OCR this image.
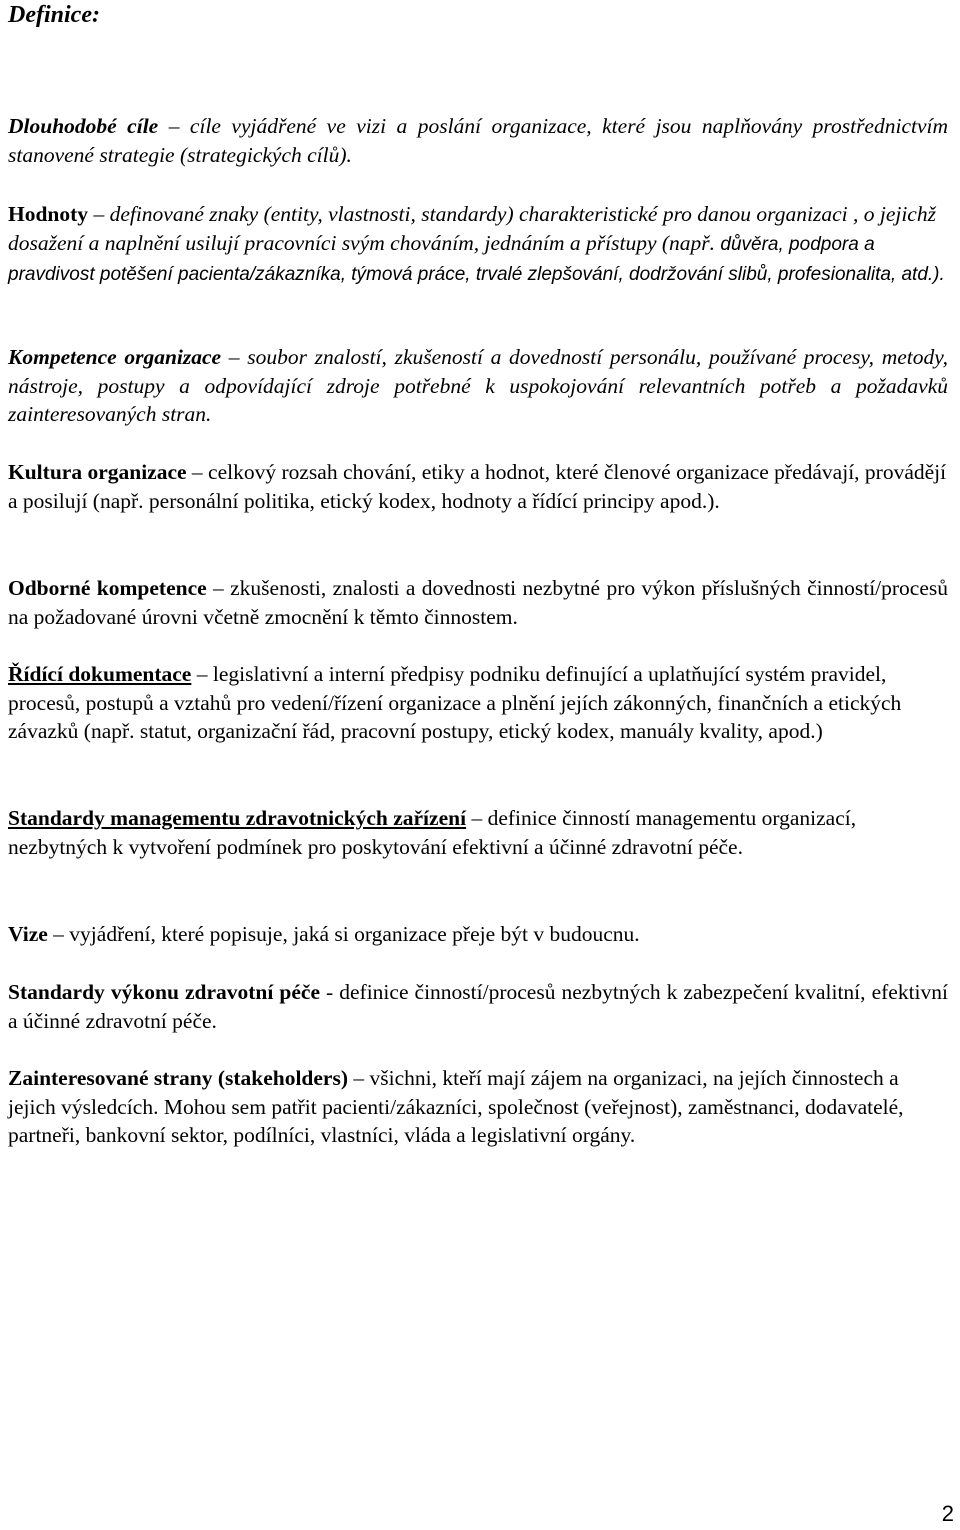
Definice:

Dlouhodobé cíle – cíle vyjádřené ve vizi a poslání organizace, které jsou naplňovány prostřednictvím stanovené strategie (strategických cílů).

Hodnoty – definované znaky (entity, vlastnosti, standardy) charakteristické pro danou organizaci , o jejichž dosažení a naplnění usilují pracovníci svým chováním, jednáním a přístupy (např. důvěra, podpora a pravdivost potěšení pacienta/zákazníka, týmová práce, trvalé zlepšování, dodržování slibů, profesionalita, atd.).

Kompetence organizace – soubor znalostí, zkušeností a dovedností personálu, používané procesy, metody, nástroje, postupy a odpovídající zdroje potřebné k uspokojování relevantních potřeb a požadavků zainteresovaných stran.

Kultura organizace – celkový rozsah chování, etiky a hodnot, které členové organizace předávají, provádějí a posilují (např. personální politika, etický kodex, hodnoty a řídící principy apod.).

Odborné kompetence – zkušenosti, znalosti a dovednosti nezbytné pro výkon příslušných činností/procesů na požadované úrovni včetně zmocnění k těmto činnostem.

Řídící dokumentace – legislativní a interní předpisy podniku definující a uplatňující systém pravidel, procesů, postupů a vztahů pro vedení/řízení organizace a plnění jejích zákonných, finančních a etických závazků (např. statut, organizační řád, pracovní postupy, etický kodex, manuály kvality, apod.)

Standardy managementu zdravotnických zařízení – definice činností managementu organizací, nezbytných k vytvoření podmínek pro poskytování efektivní a účinné zdravotní péče.

Vize – vyjádření, které popisuje, jaká si organizace přeje být v budoucnu.

Standardy výkonu zdravotní péče - definice činností/procesů nezbytných k zabezpečení kvalitní, efektivní a účinné zdravotní péče.

Zainteresované strany (stakeholders) – všichni, kteří mají zájem na organizaci, na jejích činnostech a jejich výsledcích. Mohou sem patřit pacienti/zákazníci, společnost (veřejnost), zaměstnanci, dodavatelé, partneři, bankovní sektor, podílníci, vlastníci, vláda a legislativní orgány.

2
